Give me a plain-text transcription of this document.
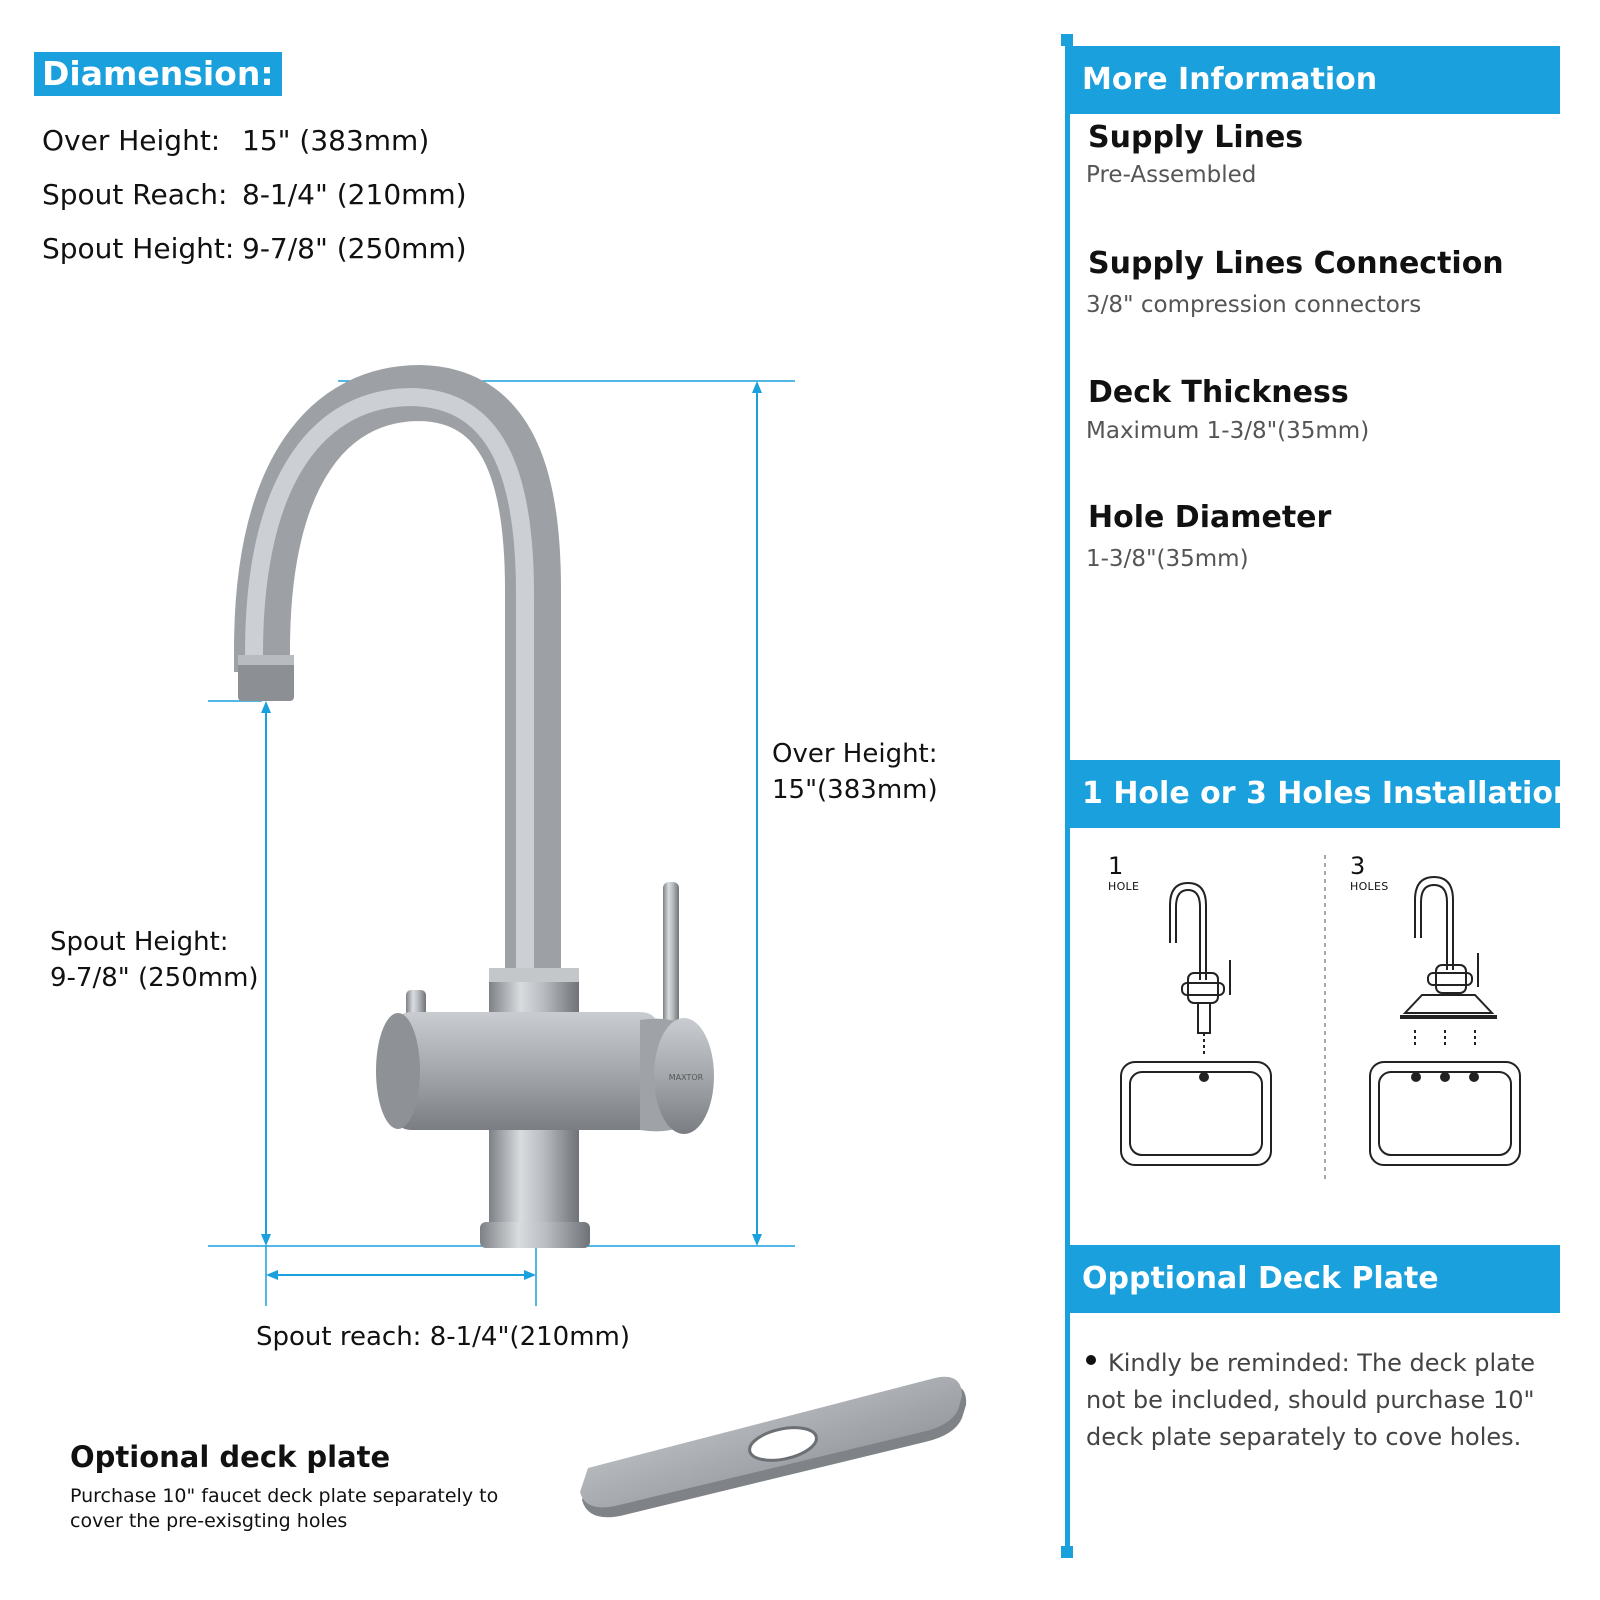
Diamension:
Over Height: 15" (383mm)
Spout Reach: 8-1/4" (210mm)
Spout Height: 9-7/8" (250mm)
MAXTOR
Over Height:
15"(383mm)
Spout Height:
9-7/8" (250mm)
Spout reach: 8-1/4"(210mm)
Optional deck plate
Purchase 10" faucet deck plate separately to
cover the pre-exisgting holes
More Information
Supply Lines
Pre-Assembled
Supply Lines Connection
3/8" compression connectors
Deck Thickness
Maximum 1-3/8"(35mm)
Hole Diameter
1-3/8"(35mm)
1 Hole or 3 Holes Installation
1
HOLE
3
HOLES
Opptional Deck Plate
Kindly be reminded: The deck plate not be included, should purchase 10" deck plate separately to cove holes.
